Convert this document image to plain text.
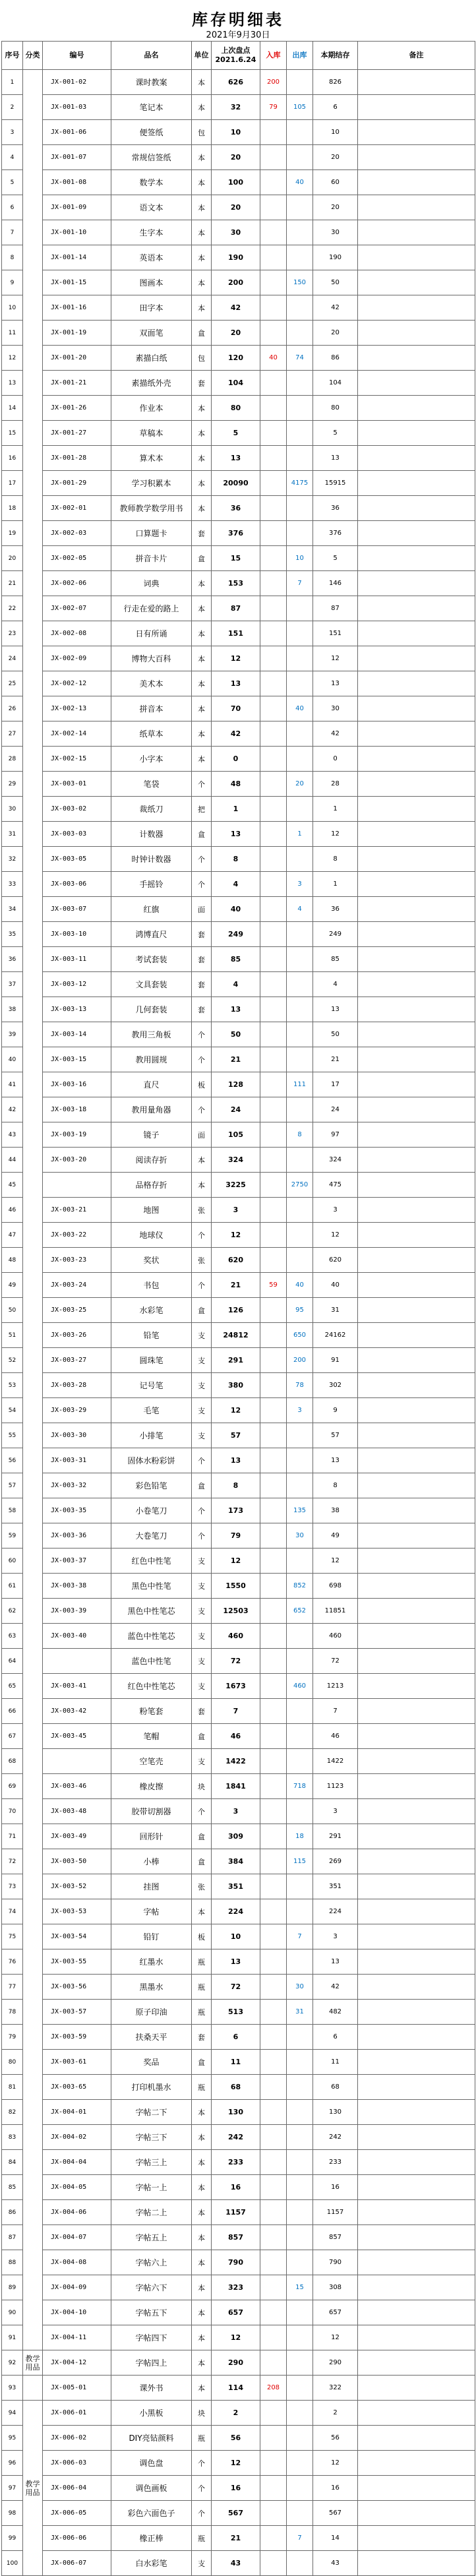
库存明细表
2021年9月30日
序号	分类	编号	品名	单位	上次盘点
2021.6.24	入库	出库	本期结存	备注
1		JX-001-02	课时教案	本	626	200		826	
2		JX-001-03	笔记本	本	32	79	105	6	
3		JX-001-06	便签纸	包	10			10	
4		JX-001-07	常规信签纸	本	20			20	
5		JX-001-08	数学本	本	100		40	60	
6		JX-001-09	语文本	本	20			20	
7		JX-001-10	生字本	本	30			30	
8		JX-001-14	英语本	本	190			190	
9		JX-001-15	图画本	本	200		150	50	
10		JX-001-16	田字本	本	42			42	
11		JX-001-19	双面笔	盒	20			20	
12		JX-001-20	素描白纸	包	120	40	74	86	
13		JX-001-21	素描纸外壳	套	104			104	
14		JX-001-26	作业本	本	80			80	
15		JX-001-27	草稿本	本	5			5	
16		JX-001-28	算术本	本	13			13	
17		JX-001-29	学习积累本	本	20090		4175	15915	
18		JX-002-01	教师教学数学用书	本	36			36	
19		JX-002-03	口算题卡	套	376			376	
20		JX-002-05	拼音卡片	盒	15		10	5	
21		JX-002-06	词典	本	153		7	146	
22		JX-002-07	行走在爱的路上	本	87			87	
23		JX-002-08	日有所诵	本	151			151	
24		JX-002-09	博物大百科	本	12			12	
25		JX-002-12	美术本	本	13			13	
26		JX-002-13	拼音本	本	70		40	30	
27		JX-002-14	纸草本	本	42			42	
28		JX-002-15	小字本	本	0			0	
29		JX-003-01	笔袋	个	48		20	28	
30		JX-003-02	裁纸刀	把	1			1	
31		JX-003-03	计数器	盒	13		1	12	
32		JX-003-05	时钟计数器	个	8			8	
33		JX-003-06	手摇铃	个	4		3	1	
34		JX-003-07	红旗	面	40		4	36	
35		JX-003-10	鸿博直尺	套	249			249	
36		JX-003-11	考试套装	套	85			85	
37		JX-003-12	文具套装	套	4			4	
38		JX-003-13	几何套装	套	13			13	
39		JX-003-14	教用三角板	个	50			50	
40		JX-003-15	教用圆规	个	21			21	
41		JX-003-16	直尺	板	128		111	17	
42		JX-003-18	教用量角器	个	24			24	
43		JX-003-19	镜子	面	105		8	97	
44		JX-003-20	阅读存折	本	324			324	
45			品格存折	本	3225		2750	475	
46		JX-003-21	地图	张	3			3	
47		JX-003-22	地球仪	个	12			12	
48		JX-003-23	奖状	张	620			620	
49		JX-003-24	书包	个	21	59	40	40	
50		JX-003-25	水彩笔	盒	126		95	31	
51		JX-003-26	铅笔	支	24812		650	24162	
52		JX-003-27	圆珠笔	支	291		200	91	
53		JX-003-28	记号笔	支	380		78	302	
54		JX-003-29	毛笔	支	12		3	9	
55		JX-003-30	小排笔	支	57			57	
56		JX-003-31	固体水粉彩饼	个	13			13	
57		JX-003-32	彩色铅笔	盒	8			8	
58		JX-003-35	小卷笔刀	个	173		135	38	
59		JX-003-36	大卷笔刀	个	79		30	49	
60		JX-003-37	红色中性笔	支	12			12	
61		JX-003-38	黑色中性笔	支	1550		852	698	
62		JX-003-39	黑色中性笔芯	支	12503		652	11851	
63		JX-003-40	蓝色中性笔芯	支	460			460	
64			蓝色中性笔	支	72			72	
65		JX-003-41	红色中性笔芯	支	1673		460	1213	
66		JX-003-42	粉笔套	套	7			7	
67		JX-003-45	笔帽	盒	46			46	
68			空笔壳	支	1422			1422	
69		JX-003-46	橡皮擦	块	1841		718	1123	
70		JX-003-48	胶带切割器	个	3			3	
71		JX-003-49	回形针	盒	309		18	291	
72		JX-003-50	小棒	盒	384		115	269	
73		JX-003-52	挂图	张	351			351	
74		JX-003-53	字帖	本	224			224	
75		JX-003-54	铅钉	板	10		7	3	
76		JX-003-55	红墨水	瓶	13			13	
77		JX-003-56	黑墨水	瓶	72		30	42	
78		JX-003-57	原子印油	瓶	513		31	482	
79		JX-003-59	扶桑天平	套	6			6	
80		JX-003-61	奖品	盒	11			11	
81		JX-003-65	打印机墨水	瓶	68			68	
82		JX-004-01	字帖二下	本	130			130	
83		JX-004-02	字帖三下	本	242			242	
84		JX-004-04	字帖三上	本	233			233	
85		JX-004-05	字帖一上	本	16			16	
86		JX-004-06	字帖二上	本	1157			1157	
87		JX-004-07	字帖五上	本	857			857	
88		JX-004-08	字帖六上	本	790			790	
89		JX-004-09	字帖六下	本	323		15	308	
90		JX-004-10	字帖五下	本	657			657	
91		JX-004-11	字帖四下	本	12			12	
92	教学用品	JX-004-12	字帖四上	本	290			290	
93		JX-005-01	课外书	本	114	208		322	
94	教学用品	JX-006-01	小黑板	块	2			2	
95		JX-006-02	DIY亮钻颜料	瓶	56			56	
96		JX-006-03	调色盘	个	12			12	
97		JX-006-04	调色画板	个	16			16	
98		JX-006-05	彩色六面色子	个	567			567	
99		JX-006-06	橡正棒	瓶	21		7	14	
100		JX-006-07	白水彩笔	支	43			43	
